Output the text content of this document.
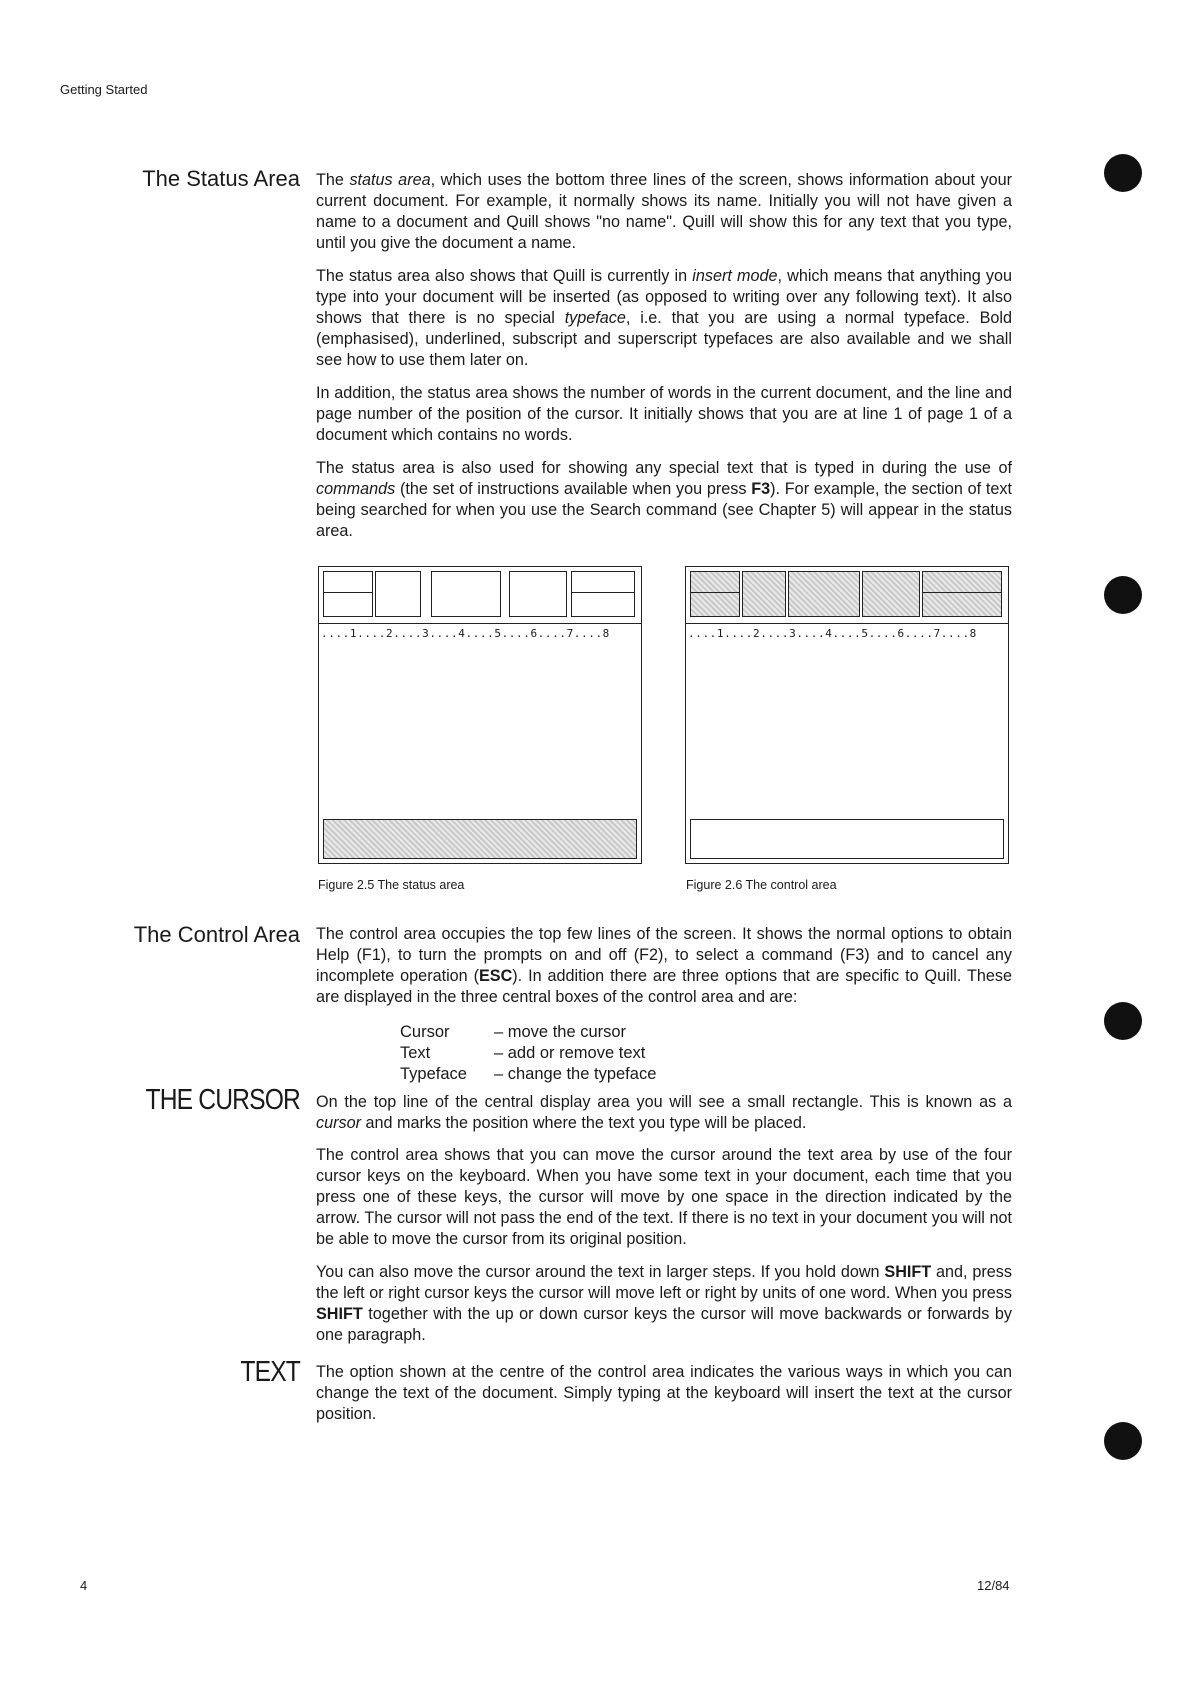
Getting Started
The Status Area The status area, which uses the bottom three lines of the screen, shows information about your current document. For example, it normally shows its name. Initially you will not have given a name to a document and Quill shows "no name". Quill will show this for any text that you type, until you give the document a name.

The status area also shows that Quill is currently in insert mode, which means that anything you type into your document will be inserted (as opposed to writing over any following text). It also shows that there is no special typeface, i.e. that you are using a normal typeface. Bold (emphasised), underlined, subscript and superscript typefaces are also available and we shall see how to use them later on.

In addition, the status area shows the number of words in the current document, and the line and page number of the position of the cursor. It initially shows that you are at line 1 of page 1 of a document which contains no words.

The status area is also used for showing any special text that is typed in during the use of commands (the set of instructions available when you press F3). For example, the section of text being searched for when you use the Search command (see Chapter 5) will appear in the status area.

....1....2....3....4....5....6....7....8
Figure 2.5 The status area
....1....2....3....4....5....6....7....8
Figure 2.6 The control area
The Control Area The control area occupies the top few lines of the screen. It shows the normal options to obtain Help (F1), to turn the prompts on and off (F2), to select a command (F3) and to cancel any incomplete operation (ESC). In addition there are three options that are specific to Quill. These are displayed in the three central boxes of the control area and are:

Cursor	– move the cursor
Text	– add or remove text
Typeface	– change the typeface
THE CURSOR On the top line of the central display area you will see a small rectangle. This is known as a cursor and marks the position where the text you type will be placed.

The control area shows that you can move the cursor around the text area by use of the four cursor keys on the keyboard. When you have some text in your document, each time that you press one of these keys, the cursor will move by one space in the direction indicated by the arrow. The cursor will not pass the end of the text. If there is no text in your document you will not be able to move the cursor from its original position.

You can also move the cursor around the text in larger steps. If you hold down SHIFT and, press the left or right cursor keys the cursor will move left or right by units of one word. When you press SHIFT together with the up or down cursor keys the cursor will move backwards or forwards by one paragraph.

TEXT The option shown at the centre of the control area indicates the various ways in which you can change the text of the document. Simply typing at the keyboard will insert the text at the cursor position.

4	12/84
